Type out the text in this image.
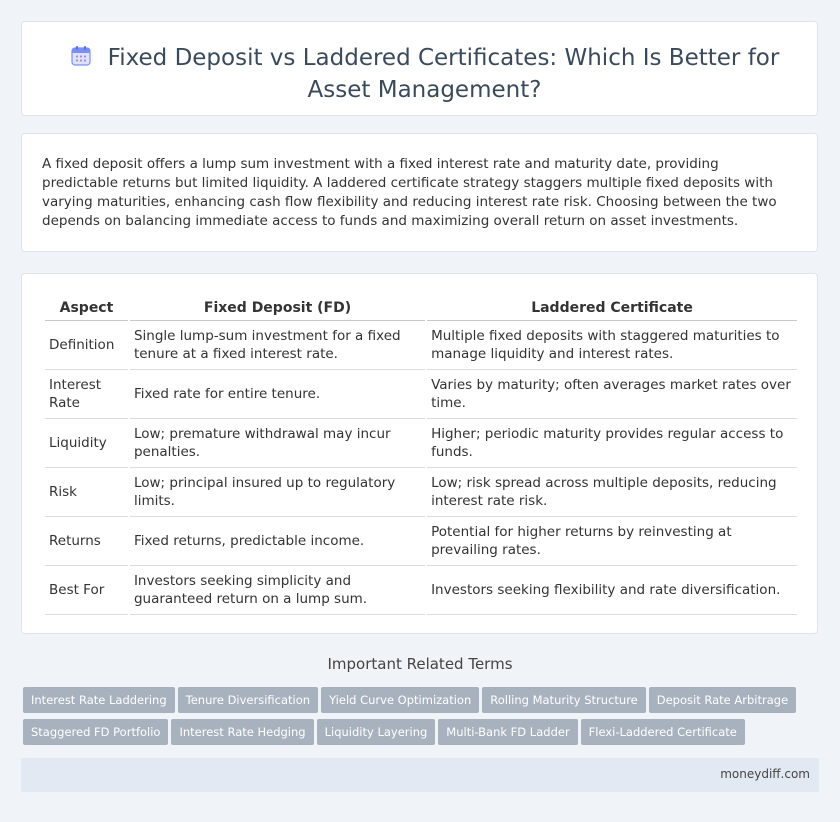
Fixed Deposit vs Laddered Certificates: Which Is Better for Asset Management?
A fixed deposit offers a lump sum investment with a fixed interest rate and maturity date, providing predictable returns but limited liquidity. A laddered certificate strategy staggers multiple fixed deposits with varying maturities, enhancing cash flow flexibility and reducing interest rate risk. Choosing between the two depends on balancing immediate access to funds and maximizing overall return on asset investments.
Aspect	Fixed Deposit (FD)	Laddered Certificate
Definition	Single lump-sum investment for a fixed tenure at a fixed interest rate.	Multiple fixed deposits with staggered maturities to manage liquidity and interest rates.
Interest Rate	Fixed rate for entire tenure.	Varies by maturity; often averages market rates over time.
Liquidity	Low; premature withdrawal may incur penalties.	Higher; periodic maturity provides regular access to funds.
Risk	Low; principal insured up to regulatory limits.	Low; risk spread across multiple deposits, reducing interest rate risk.
Returns	Fixed returns, predictable income.	Potential for higher returns by reinvesting at prevailing rates.
Best For	Investors seeking simplicity and guaranteed return on a lump sum.	Investors seeking flexibility and rate diversification.
Important Related Terms
Interest Rate Laddering Tenure Diversification Yield Curve Optimization Rolling Maturity Structure Deposit Rate Arbitrage
Staggered FD Portfolio Interest Rate Hedging Liquidity Layering Multi-Bank FD Ladder Flexi-Laddered Certificate
moneydiff.com
